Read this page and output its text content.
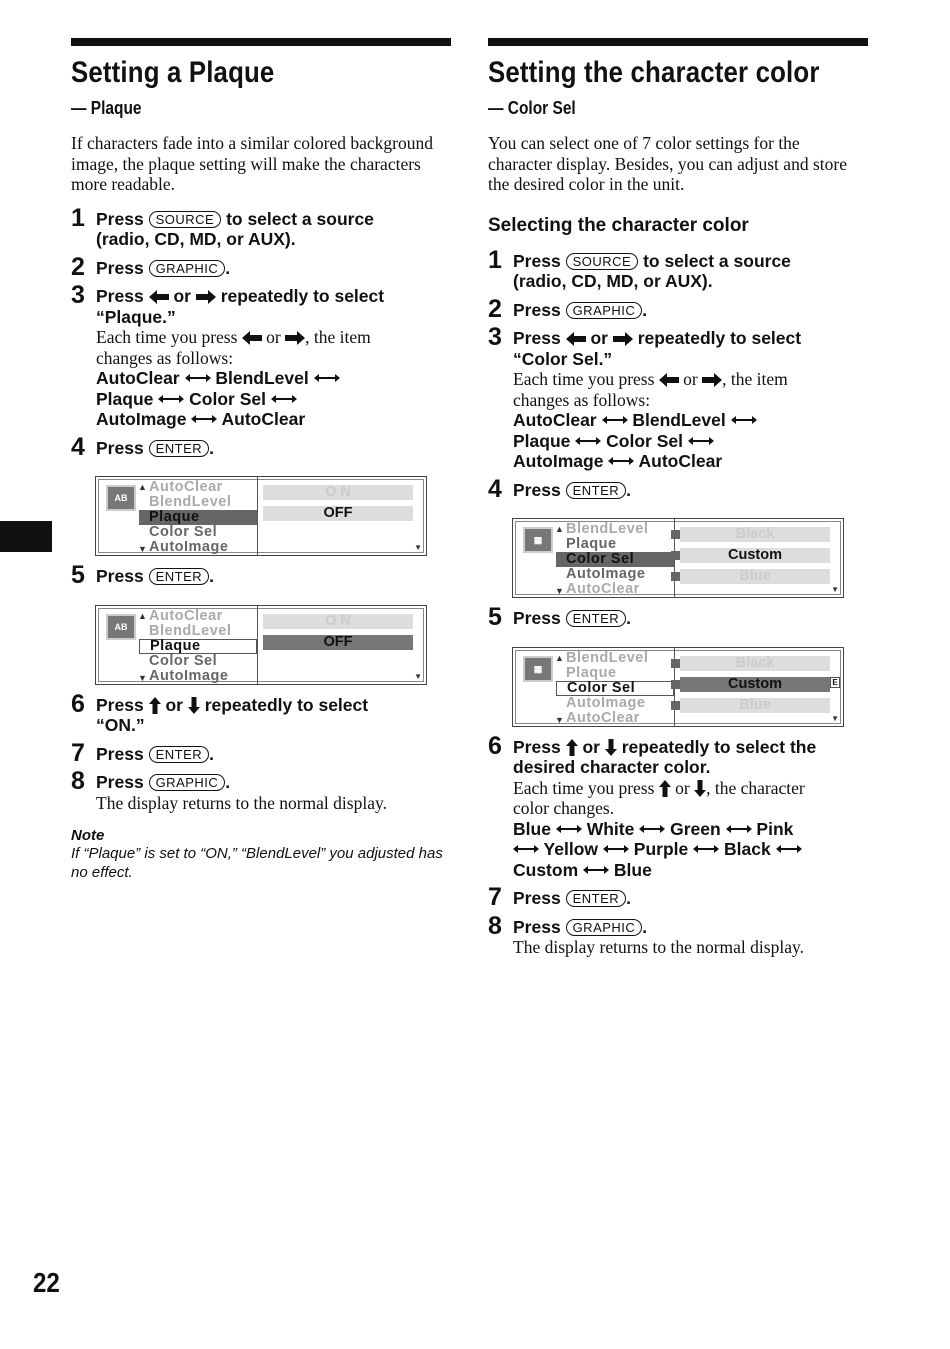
Setting a Plaque
— Plaque

If characters fade into a similar colored background image, the plaque setting will make the characters more readable.

1 Press SOURCE to select a source
(radio, CD, MD, or AUX).
2 Press GRAPHIC .
3 Press or repeatedly to select
“Plaque.”
Each time you press or , the item
changes as follows:
AutoClear BlendLevel
Plaque Color Sel
AutoImage AutoClear
4 Press ENTER .
AB
▲ AutoClear
BlendLevel
Plaque
Color Sel
▼ AutoImage
O N
OFF
▼
5 Press ENTER .
AB
▲ AutoClear
BlendLevel
Plaque
Color Sel
▼ AutoImage
O N
OFF
▼
6 Press or repeatedly to select
“ON.”
7 Press ENTER .
8 Press GRAPHIC .
The display returns to the normal display.
Note
If “Plaque” is set to “ON,” “BlendLevel” you adjusted has no effect.
Setting the character color
— Color Sel

You can select one of 7 color settings for the character display. Besides, you can adjust and store the desired color in the unit.

Selecting the character color
1 Press SOURCE to select a source
(radio, CD, MD, or AUX).
2 Press GRAPHIC .
3 Press or repeatedly to select
“Color Sel.”
Each time you press or , the item
changes as follows:
AutoClear BlendLevel
Plaque Color Sel
AutoImage AutoClear
4 Press ENTER .
▦
▲ BlendLevel
Plaque
Color Sel
AutoImage
▼ AutoClear
Black
Custom
Blue
▼
5 Press ENTER .
▦
▲ BlendLevel
Plaque
Color Sel
AutoImage
▼ AutoClear
Black
Custom	E
Blue
▼
6 Press or repeatedly to select the
desired character color.
Each time you press or , the character
color changes.
Blue White Green Pink
Yellow Purple Black
Custom Blue
7 Press ENTER .
8 Press GRAPHIC .
The display returns to the normal display.
22
